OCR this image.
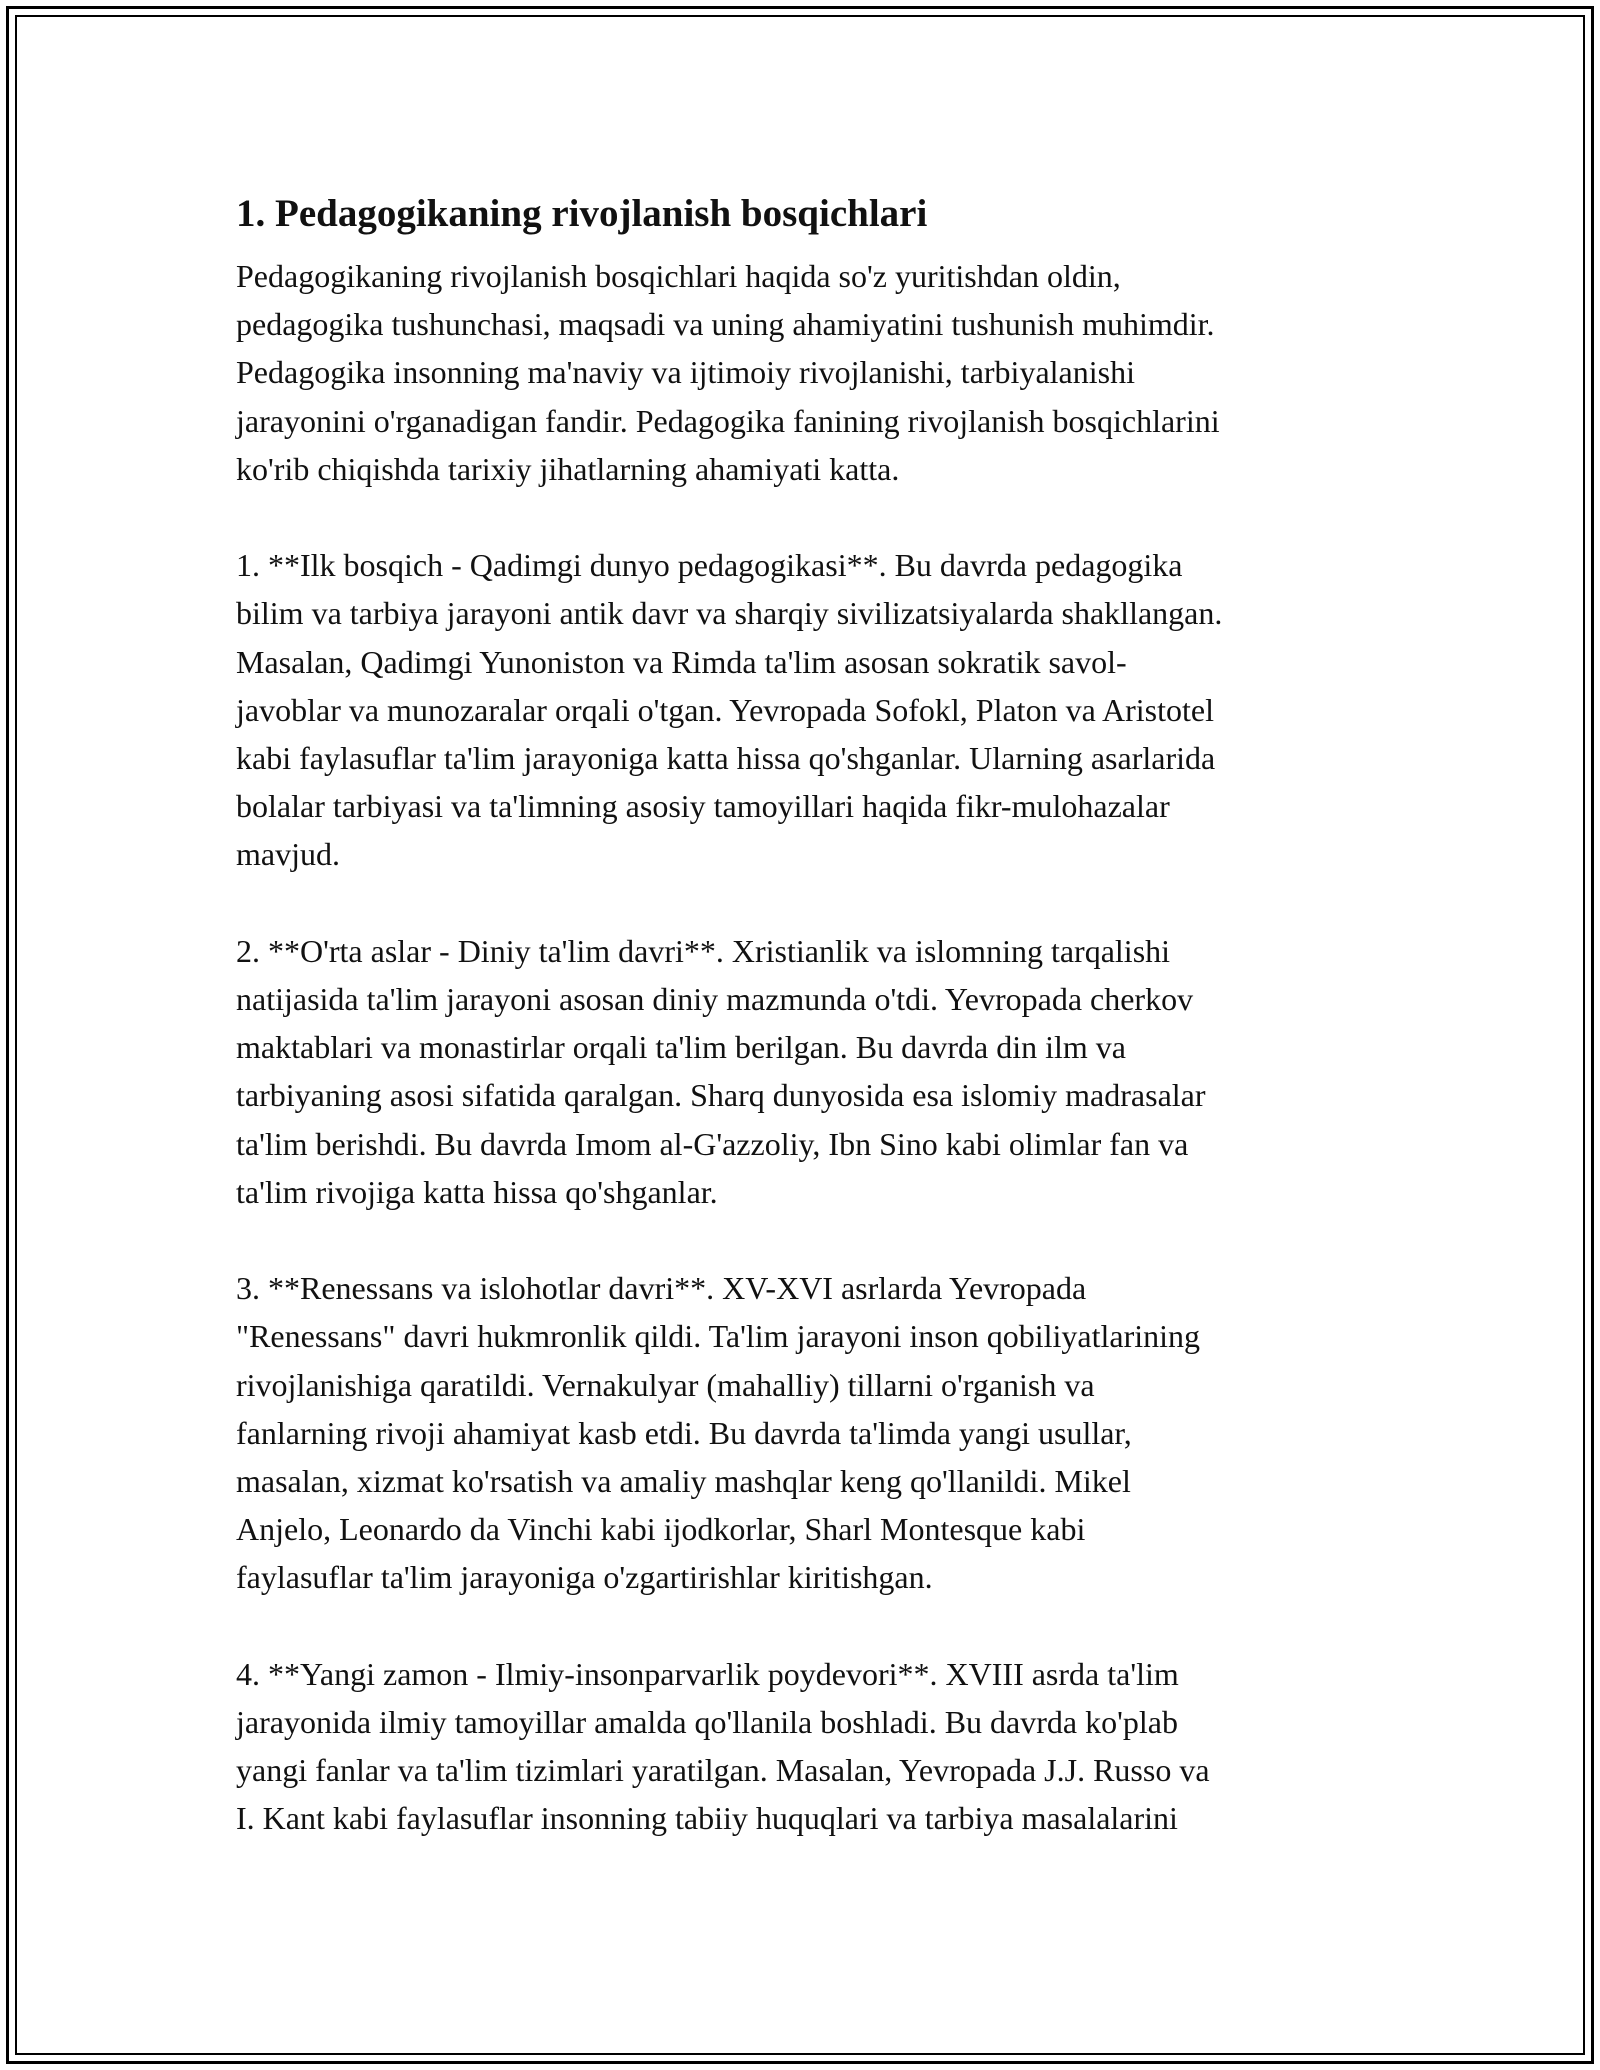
1. Pedagogikaning rivojlanish bosqichlari

Pedagogikaning rivojlanish bosqichlari haqida so'z yuritishdan oldin,
pedagogika tushunchasi, maqsadi va uning ahamiyatini tushunish muhimdir.
Pedagogika insonning ma'naviy va ijtimoiy rivojlanishi, tarbiyalanishi
jarayonini o'rganadigan fandir. Pedagogika fanining rivojlanish bosqichlarini
ko'rib chiqishda tarixiy jihatlarning ahamiyati katta.

1. **Ilk bosqich - Qadimgi dunyo pedagogikasi**. Bu davrda pedagogika
bilim va tarbiya jarayoni antik davr va sharqiy sivilizatsiyalarda shakllangan.
Masalan, Qadimgi Yunoniston va Rimda ta'lim asosan sokratik savol-
javoblar va munozaralar orqali o'tgan. Yevropada Sofokl, Platon va Aristotel
kabi faylasuflar ta'lim jarayoniga katta hissa qo'shganlar. Ularning asarlarida
bolalar tarbiyasi va ta'limning asosiy tamoyillari haqida fikr-mulohazalar
mavjud.

2. **O'rta aslar - Diniy ta'lim davri**. Xristianlik va islomning tarqalishi
natijasida ta'lim jarayoni asosan diniy mazmunda o'tdi. Yevropada cherkov
maktablari va monastirlar orqali ta'lim berilgan. Bu davrda din ilm va
tarbiyaning asosi sifatida qaralgan. Sharq dunyosida esa islomiy madrasalar
ta'lim berishdi. Bu davrda Imom al-G'azzoliy, Ibn Sino kabi olimlar fan va
ta'lim rivojiga katta hissa qo'shganlar.

3. **Renessans va islohotlar davri**. XV-XVI asrlarda Yevropada
"Renessans" davri hukmronlik qildi. Ta'lim jarayoni inson qobiliyatlarining
rivojlanishiga qaratildi. Vernakulyar (mahalliy) tillarni o'rganish va
fanlarning rivoji ahamiyat kasb etdi. Bu davrda ta'limda yangi usullar,
masalan, xizmat ko'rsatish va amaliy mashqlar keng qo'llanildi. Mikel
Anjelo, Leonardo da Vinchi kabi ijodkorlar, Sharl Montesque kabi
faylasuflar ta'lim jarayoniga o'zgartirishlar kiritishgan.

4. **Yangi zamon - Ilmiy-insonparvarlik poydevori**. XVIII asrda ta'lim
jarayonida ilmiy tamoyillar amalda qo'llanila boshladi. Bu davrda ko'plab
yangi fanlar va ta'lim tizimlari yaratilgan. Masalan, Yevropada J.J. Russo va
I. Kant kabi faylasuflar insonning tabiiy huquqlari va tarbiya masalalarini
